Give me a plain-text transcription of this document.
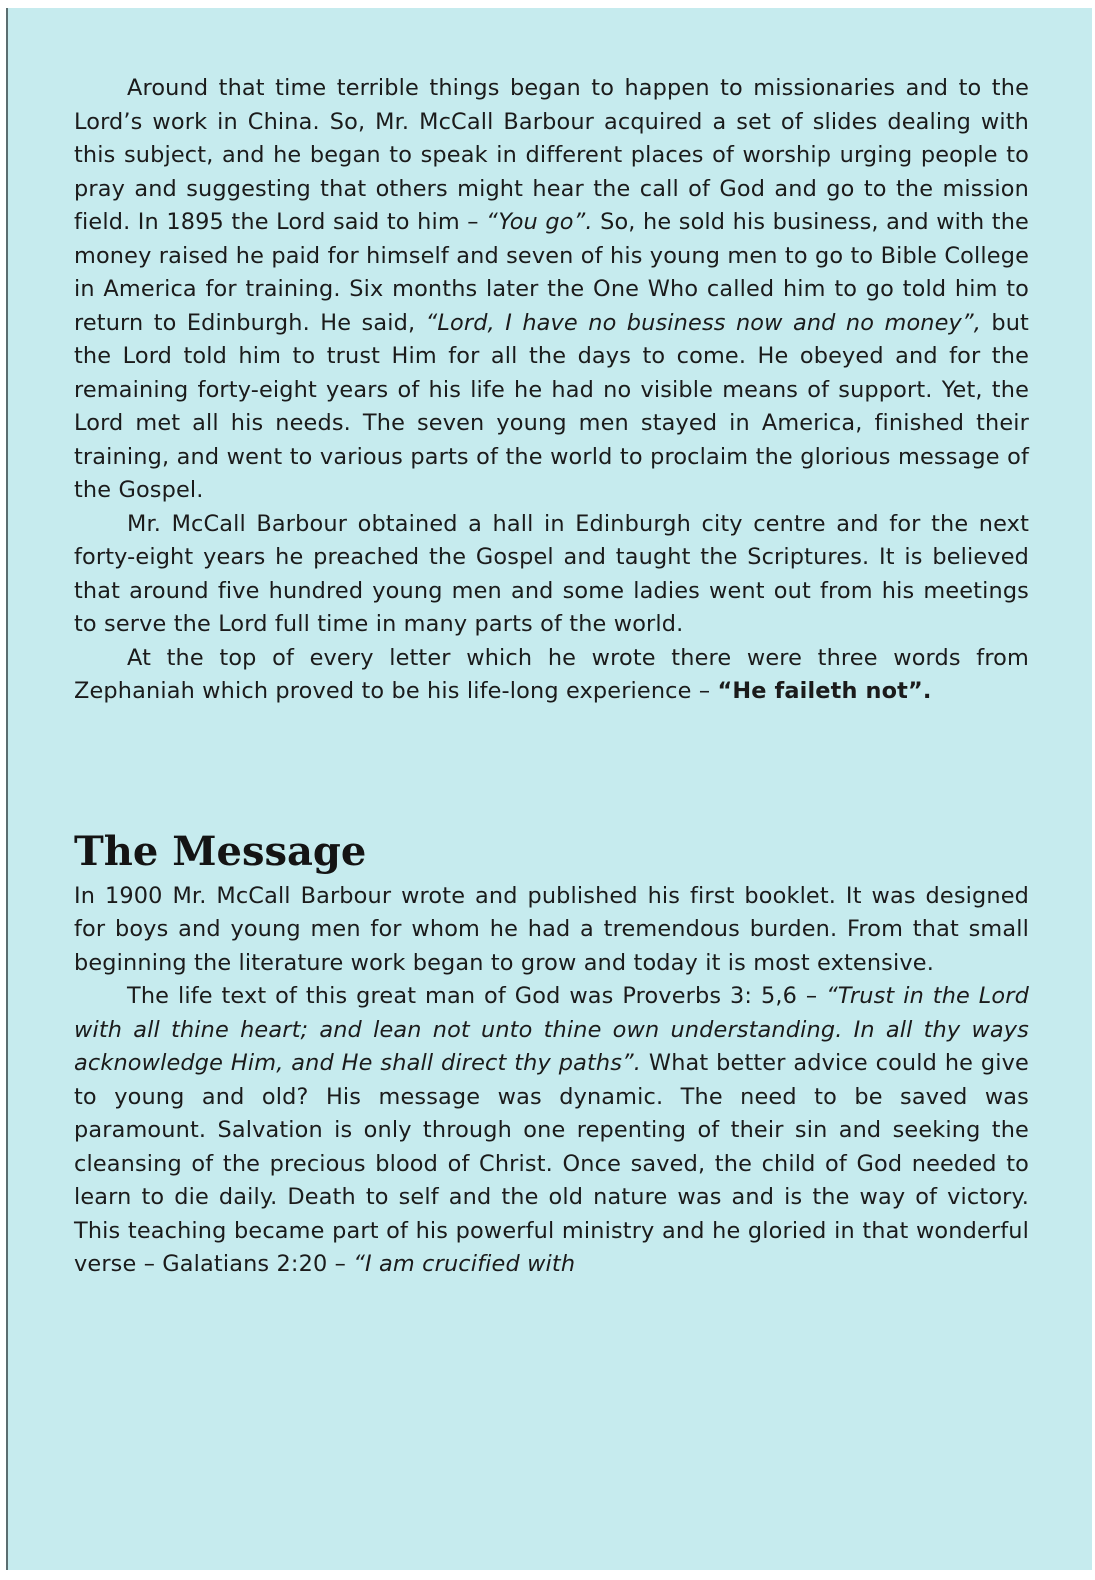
Around that time terrible things began to happen to missionaries and to the Lord’s work in China. So, Mr. McCall Barbour acquired a set of slides dealing with this subject, and he began to speak in different places of worship urging people to pray and suggesting that others might hear the call of God and go to the mission field. In 1895 the Lord said to him – “You go”. So, he sold his business, and with the money raised he paid for himself and seven of his young men to go to Bible College in America for training. Six months later the One Who called him to go told him to return to Edinburgh. He said, “Lord, I have no business now and no money”, but the Lord told him to trust Him for all the days to come. He obeyed and for the remaining forty-eight years of his life he had no visible means of support. Yet, the Lord met all his needs. The seven young men stayed in America, finished their training, and went to various parts of the world to proclaim the glorious message of the Gospel.

Mr. McCall Barbour obtained a hall in Edinburgh city centre and for the next forty-eight years he preached the Gospel and taught the Scriptures. It is believed that around five hundred young men and some ladies went out from his meetings to serve the Lord full time in many parts of the world.

At the top of every letter which he wrote there were three words from Zephaniah which proved to be his life-long experience – “He faileth not”.

The Message

In 1900 Mr. McCall Barbour wrote and published his first booklet. It was designed for boys and young men for whom he had a tremendous burden. From that small beginning the literature work began to grow and today it is most extensive.

The life text of this great man of God was Proverbs 3: 5,6 – “Trust in the Lord with all thine heart; and lean not unto thine own understanding. In all thy ways acknowledge Him, and He shall direct thy paths”. What better advice could he give to young and old? His message was dynamic. The need to be saved was paramount. Salvation is only through one repenting of their sin and seeking the cleansing of the precious blood of Christ. Once saved, the child of God needed to learn to die daily. Death to self and the old nature was and is the way of victory. This teaching became part of his powerful ministry and he gloried in that wonderful verse – Galatians 2:20 – “I am crucified with
